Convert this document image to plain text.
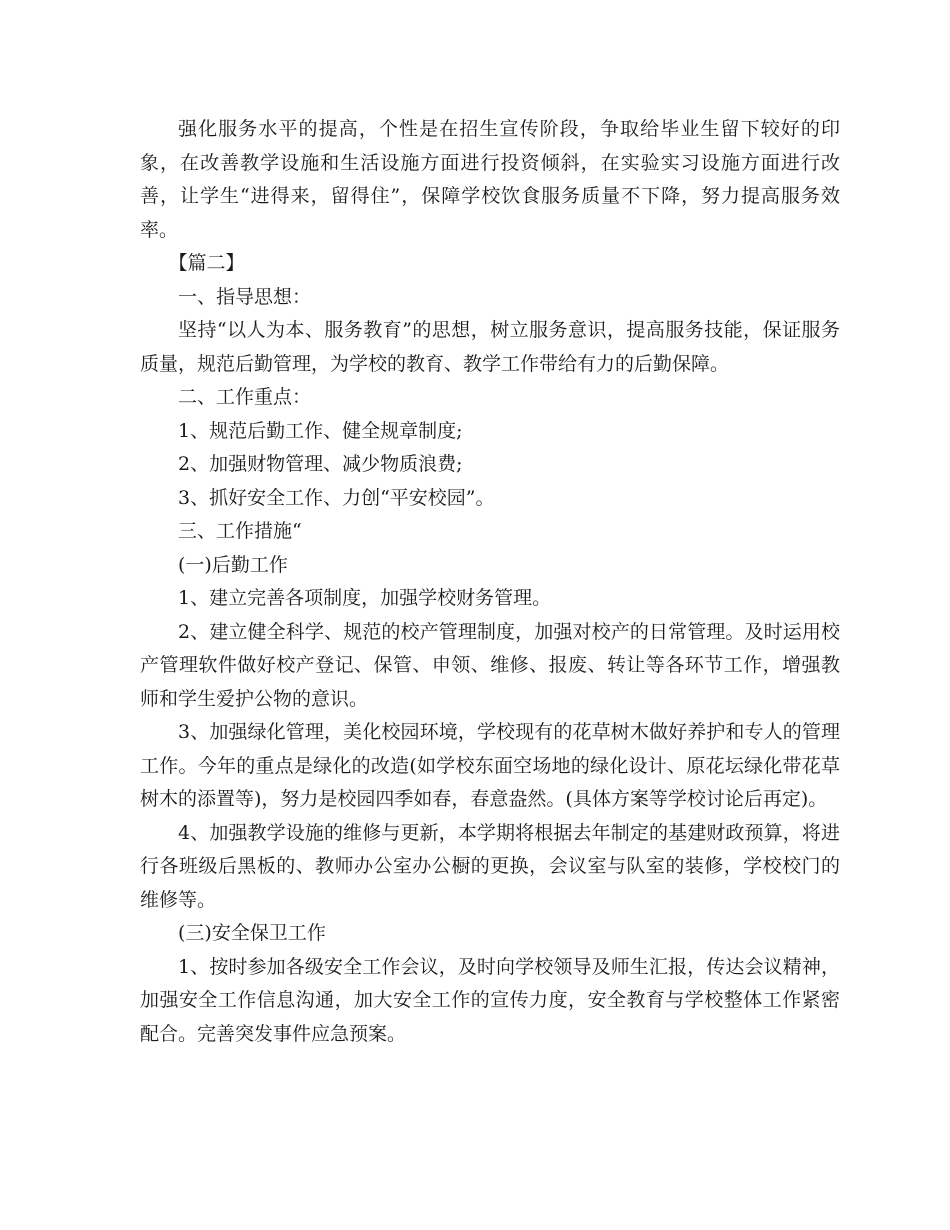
强化服务水平的提高，个性是在招生宣传阶段，争取给毕业生留下较好的印象，在改善教学设施和生活设施方面进行投资倾斜，在实验实习设施方面进行改善，让学生“进得来，留得住”，保障学校饮食服务质量不下降，努力提高服务效率。

【篇二】

一、指导思想：

坚持“以人为本、服务教育”的思想，树立服务意识，提高服务技能，保证服务质量，规范后勤管理，为学校的教育、教学工作带给有力的后勤保障。

二、工作重点：

1、规范后勤工作、健全规章制度;

2、加强财物管理、减少物质浪费;

3、抓好安全工作、力创“平安校园”。

三、工作措施“

(一)后勤工作

1、建立完善各项制度，加强学校财务管理。

2、建立健全科学、规范的校产管理制度，加强对校产的日常管理。及时运用校产管理软件做好校产登记、保管、申领、维修、报废、转让等各环节工作，增强教师和学生爱护公物的意识。

3、加强绿化管理，美化校园环境，学校现有的花草树木做好养护和专人的管理工作。今年的重点是绿化的改造(如学校东面空场地的绿化设计、原花坛绿化带花草树木的添置等)，努力是校园四季如春，春意盎然。(具体方案等学校讨论后再定)。

4、加强教学设施的维修与更新，本学期将根据去年制定的基建财政预算，将进行各班级后黑板的、教师办公室办公橱的更换，会议室与队室的装修，学校校门的维修等。

(三)安全保卫工作

1、按时参加各级安全工作会议，及时向学校领导及师生汇报，传达会议精神，加强安全工作信息沟通，加大安全工作的宣传力度，安全教育与学校整体工作紧密配合。完善突发事件应急预案。
